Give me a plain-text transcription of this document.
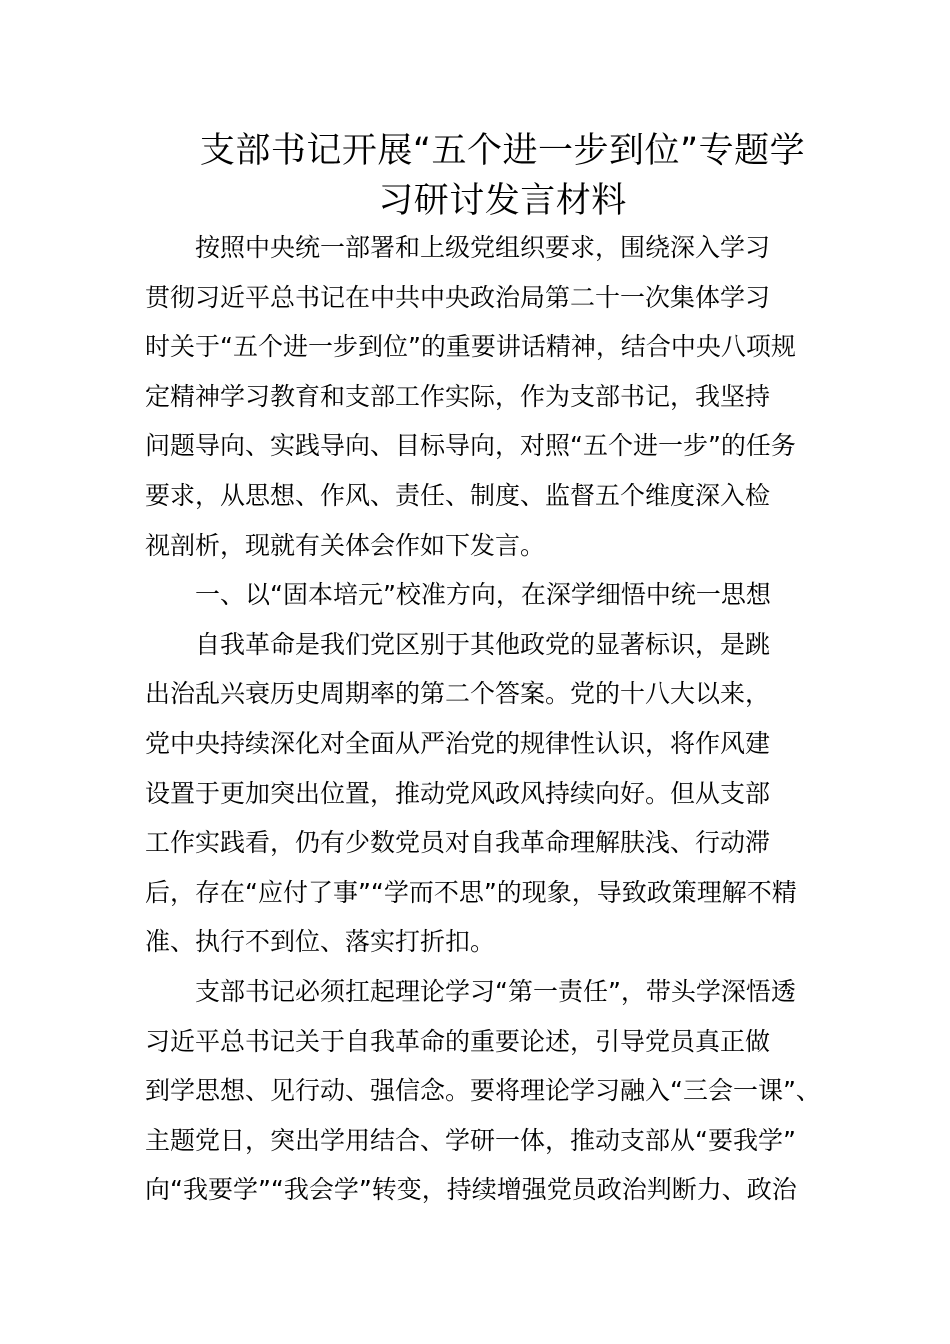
支部书记开展“五个进一步到位”专题学
习研讨发言材料
按照中央统一部署和上级党组织要求，围绕深入学习
贯彻习近平总书记在中共中央政治局第二十一次集体学习
时关于“五个进一步到位”的重要讲话精神，结合中央八项规
定精神学习教育和支部工作实际，作为支部书记，我坚持
问题导向、实践导向、目标导向，对照“五个进一步”的任务
要求，从思想、作风、责任、制度、监督五个维度深入检
视剖析，现就有关体会作如下发言。
一、以“固本培元”校准方向，在深学细悟中统一思想
自我革命是我们党区别于其他政党的显著标识，是跳
出治乱兴衰历史周期率的第二个答案。党的十八大以来，
党中央持续深化对全面从严治党的规律性认识，将作风建
设置于更加突出位置，推动党风政风持续向好。但从支部
工作实践看，仍有少数党员对自我革命理解肤浅、行动滞
后，存在“应付了事”“学而不思”的现象，导致政策理解不精
准、执行不到位、落实打折扣。
支部书记必须扛起理论学习“第一责任”，带头学深悟透
习近平总书记关于自我革命的重要论述，引导党员真正做
到学思想、见行动、强信念。要将理论学习融入“三会一课”、
主题党日，突出学用结合、学研一体，推动支部从“要我学”
向“我要学”“我会学”转变，持续增强党员政治判断力、政治
